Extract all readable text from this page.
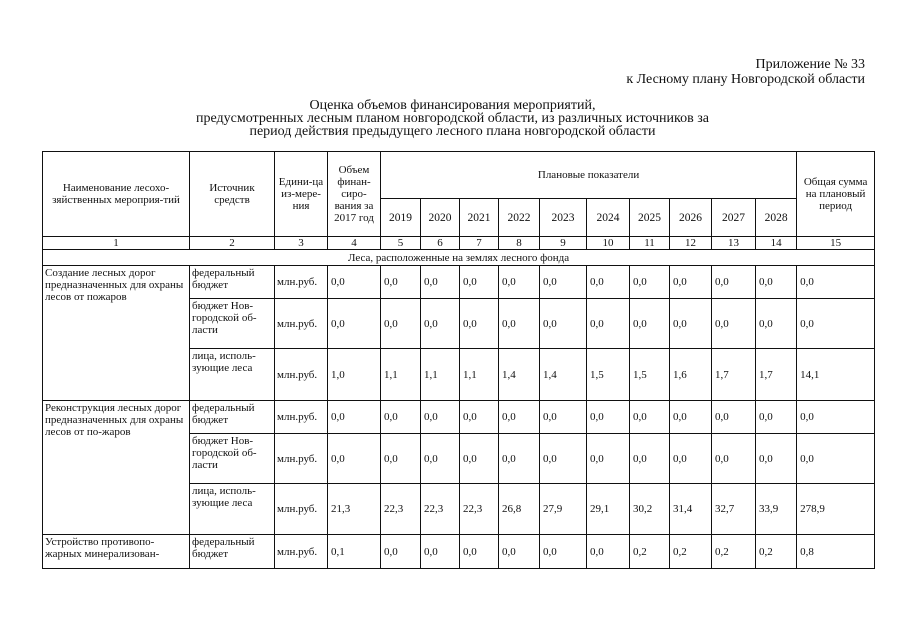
Приложение № 33
к Лесному плану Новгородской области
Оценка объемов финансирования мероприятий,
предусмотренных лесным планом новгородской области, из различных источников за
период действия предыдущего лесного плана новгородской области
Наименование лесохо-зяйственных мероприя-тий	Источник средств	Едини-ца из-мере-ния	Объем финан-сиро-вания за 2017 год	Плановые показатели										Общая сумма на плановый период
				2019	2020	2021	2022	2023	2024	2025	2026	2027	2028	
1	2	3	4	5	6	7	8	9	10	11	12	13	14	15
Леса, расположенные на землях лесного фонда														
Создание лесных дорог предназначенных для охраны лесов от пожаров	федеральный бюджет	млн.руб.	0,0	0,0	0,0	0,0	0,0	0,0	0,0	0,0	0,0	0,0	0,0	0,0
	бюджет Нов-городской об-ласти	млн.руб.	0,0	0,0	0,0	0,0	0,0	0,0	0,0	0,0	0,0	0,0	0,0	0,0
	лица, исполь-зующие леса	млн.руб.	1,0	1,1	1,1	1,1	1,4	1,4	1,5	1,5	1,6	1,7	1,7	14,1
Реконструкция лесных дорог предназначенных для охраны лесов от по-жаров	федеральный бюджет	млн.руб.	0,0	0,0	0,0	0,0	0,0	0,0	0,0	0,0	0,0	0,0	0,0	0,0
	бюджет Нов-городской об-ласти	млн.руб.	0,0	0,0	0,0	0,0	0,0	0,0	0,0	0,0	0,0	0,0	0,0	0,0
	лица, исполь-зующие леса	млн.руб.	21,3	22,3	22,3	22,3	26,8	27,9	29,1	30,2	31,4	32,7	33,9	278,9
Устройство противопо-жарных минерализован-	федеральный бюджет	млн.руб.	0,1	0,0	0,0	0,0	0,0	0,0	0,0	0,2	0,2	0,2	0,2	0,8
